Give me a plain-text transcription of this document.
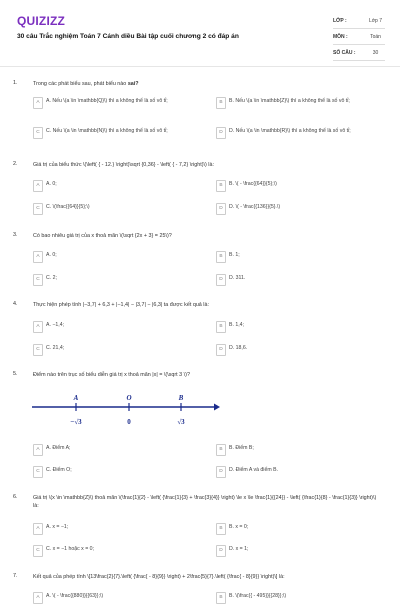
QUIZIZZ
30 câu Trắc nghiệm Toán 7 Cánh diều Bài tập cuối chương 2 có đáp án
LỚP :	Lớp 7
MÔN :	Toán
SỐ CÂU :	30
1.	Trong các phát biểu sau, phát biểu nào sai?
A	A. Nếu \(a \in \mathbb{Q}\) thì a không thể là số vô tỉ;	B	B. Nếu \(a \in \mathbb{Z}\) thì a không thể là số vô tỉ;
C	C. Nếu \(a \in \mathbb{N}\) thì a không thể là số vô tỉ;	D	D. Nếu \(a \in \mathbb{R}\) thì a không thể là số vô tỉ;
2.	Giá trị của biểu thức \(\left( { - 12.} \right)\sqrt {0,36} - \left( { - 7,2} \right)\) là:
A	A. 0;	B	B. \( - \frac{{64}}{5};\)
C	C. \(\frac{{64}}{5};\)	D	D. \( - \frac{{136}}{5}.\)
3.	Có bao nhiêu giá trị của x thoả mãn \(\sqrt {2x + 3} = 25\)?
A	A. 0;	B	B. 1;
C	C. 2;	D	D. 311.
4.	Thực hiện phép tính |−3,7| + 6,3 + |−1,4| − |3,7| − |6,3| ta được kết quả là:
A	A. −1,4;	B	B. 1,4;
C	C. 21,4;	D	D. 18,6.
5.	Điểm nào trên trục số biểu diễn giá trị x thoả mãn |x| = \(\sqrt 3 \)?
A	O	B
−√3	0	√3
A	A. Điểm A;	B	B. Điểm B;
C	C. Điểm O;	D	D. Điểm A và điểm B.
6.	Giá trị \(x \in \mathbb{Z}\) thoả mãn \(\frac{1}{2} - \left( {\frac{1}{3} + \frac{3}{4}} \right) \le x \le \frac{1}{{24}} - \left( {\frac{1}{8} - \frac{1}{3}} \right)\) là:
A	A. x = −1;	B	B. x = 0;
C	C. x = −1 hoặc x = 0;	D	D. x = 1;
7.	Kết quả của phép tính \[13\frac{2}{7}.\left( {\frac{ - 8}{9}} \right) + 2\frac{5}{7}.\left( {\frac{ - 8}{9}} \right)\] là:
A	A. \( - \frac{{880}}{{63}};\)	B	B. \(\frac{{ - 495}}{{28}};\)
